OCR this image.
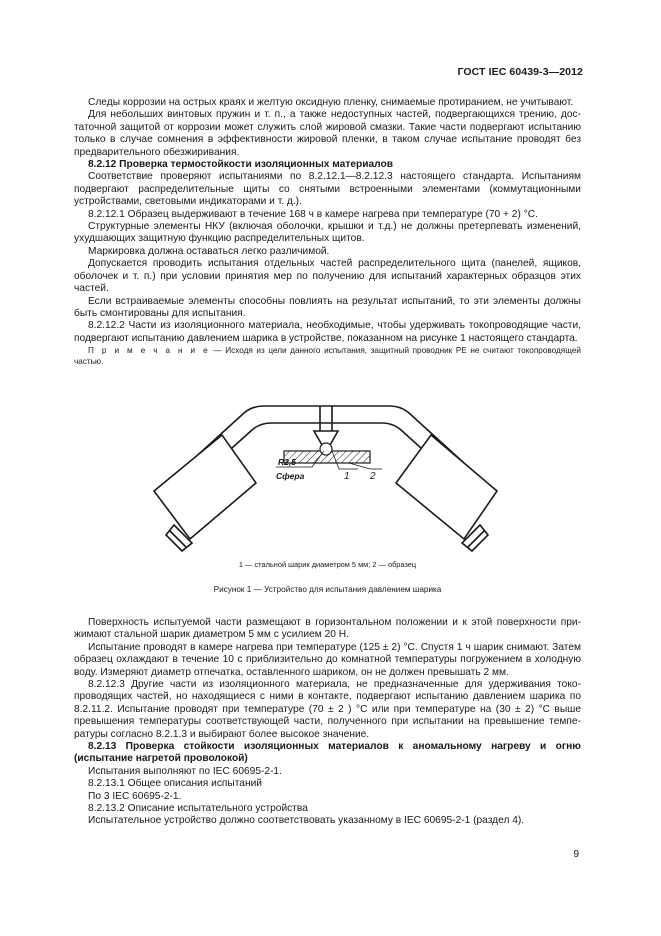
ГОСТ IEC 60439-3—2012

Следы коррозии на острых краях и желтую оксидную пленку, снимаемые протиранием, не учитывают.

Для небольших винтовых пружин и т. п., а также недоступных частей, подвергающихся трению, достаточной защитой от коррозии может служить слой жировой смазки. Такие части подвергают испытанию только в случае сомнения в эффективности жировой пленки, в таком случае испытание проводят без предварительного обезжиривания.

8.2.12 Проверка термостойкости изоляционных материалов

Соответствие проверяют испытаниями по 8.2.12.1—8.2.12.3 настоящего стандарта. Испытаниям подвергают распределительные щиты со снятыми встроенными элементами (коммутационными устройствами, световыми индикаторами и т. д.).

8.2.12.1 Образец выдерживают в течение 168 ч в камере нагрева при температуре (70 + 2) °С.

Структурные элементы НКУ (включая оболочки, крышки и т.д.) не должны претерпевать изменений, ухудшающих защитную функцию распределительных щитов.

Маркировка должна оставаться легко различимой.

Допускается проводить испытания отдельных частей распределительного щита (панелей, ящиков, оболочек и т. п.) при условии принятия мер по получению для испытаний характерных образцов этих частей.

Если встраиваемые элементы способны повлиять на результат испытаний, то эти элементы должны быть смонтированы для испытания.

8.2.12.2 Части из изоляционного материала, необходимые, чтобы удерживать токопроводящие части, подвергают испытанию давлением шарика в устройстве, показанном на рисунке 1 настоящего стандарта.

П р и м е ч а н и е — Исходя из цели данного испытания, защитный проводник PE не считают токопроводящей частью.

R2,5
Сфера	1 2
1 — стальной шарик диаметром 5 мм; 2 — образец
Рисунок 1 — Устройство для испытания давлением шарика

Поверхность испытуемой части размещают в горизонтальном положении и к этой поверхности прижимают стальной шарик диаметром 5 мм с усилием 20 Н.

Испытание проводят в камере нагрева при температуре (125 ± 2) °С. Спустя 1 ч шарик снимают. Затем образец охлаждают в течение 10 с приблизительно до комнатной температуры погружением в холодную воду. Измеряют диаметр отпечатка, оставленного шариком, он не должен превышать 2 мм.

8.2.12.3 Другие части из изоляционного материала, не предназначенные для удерживания токопроводящих частей, но находящиеся с ними в контакте, подвергают испытанию давлением шарика по 8.2.11.2. Испытание проводят при температуре (70 ± 2 ) °С или при температуре на (30 ± 2) °С выше превышения температуры соответствующей части, полученного при испытании на превышение температуры согласно 8.2.1.3 и выбирают более высокое значение.

8.2.13 Проверка стойкости изоляционных материалов к аномальному нагреву и огню (испытание нагретой проволокой)

Испытания выполняют по IEC 60695-2-1.

8.2.13.1 Общее описания испытаний

По 3 IEC 60695-2-1.

8.2.13.2 Описание испытательного устройства

Испытательное устройство должно соответствовать указанному в IEC 60695-2-1 (раздел 4).

9
